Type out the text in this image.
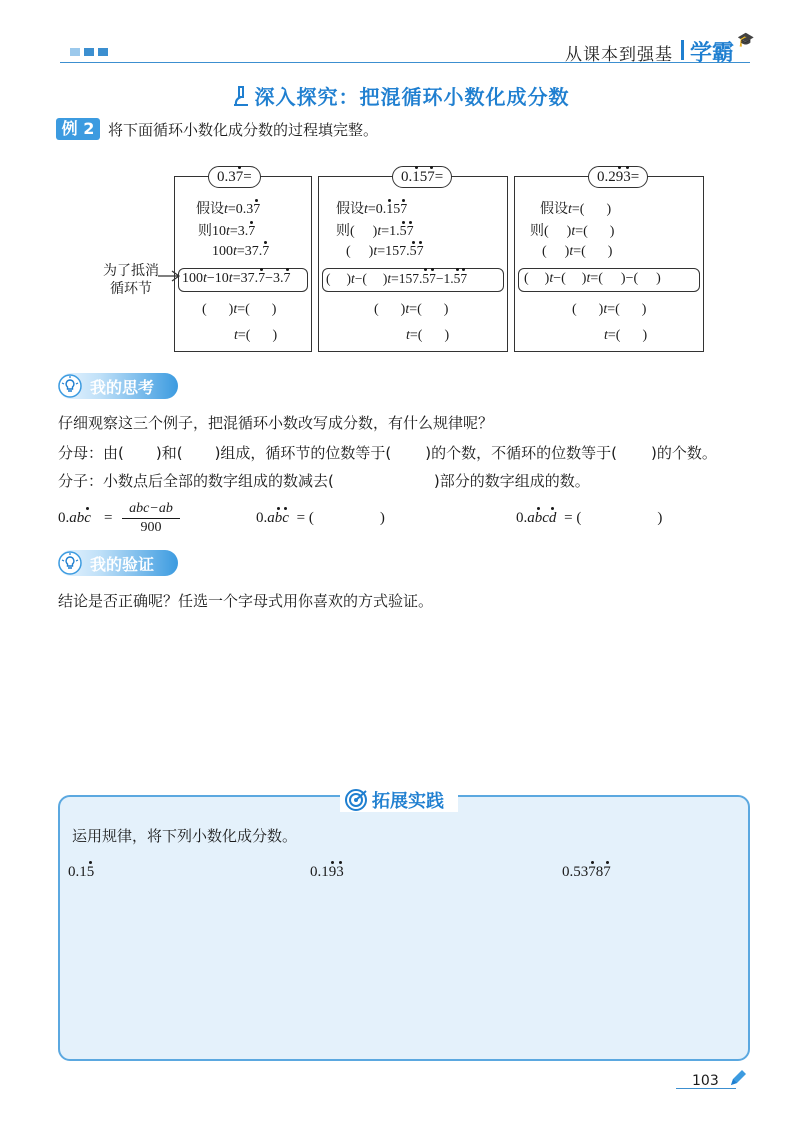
从课本到强基 学霸
🎓
深入探究：把混循环小数化成分数
例 2 将下面循环小数化成分数的过程填完整。
为了抵消
循环节
0.37=
假设t=0.37
则10t=3.7
100t=37.7
100t−10t=37.7−3.7
( )t=( )
t=( )
0.157=
假设t=0.157
则( )t=1.57
( )t=157.57
( )t−( )t=157.57−1.57
( )t=( )
t=( )
0.293=
假设t=( )
则( )t=( )
( )t=( )
( )t−( )t=( )−( )
( )t=( )
t=( )
我的思考
仔细观察这三个例子，把混循环小数改写成分数，有什么规律呢？
分母：由( )和( )组成，循环节的位数等于( )的个数，不循环的位数等于( )的个数。
分子：小数点后全部的数字组成的数减去(	)部分的数字组成的数。
0.abc =
abc−ab
900
0.abc = (	)	0.abcd = (	)
我的验证
结论是否正确呢？任选一个字母式用你喜欢的方式验证。
拓展实践
运用规律，将下列小数化成分数。
0.15	0.193	0.53787
103
